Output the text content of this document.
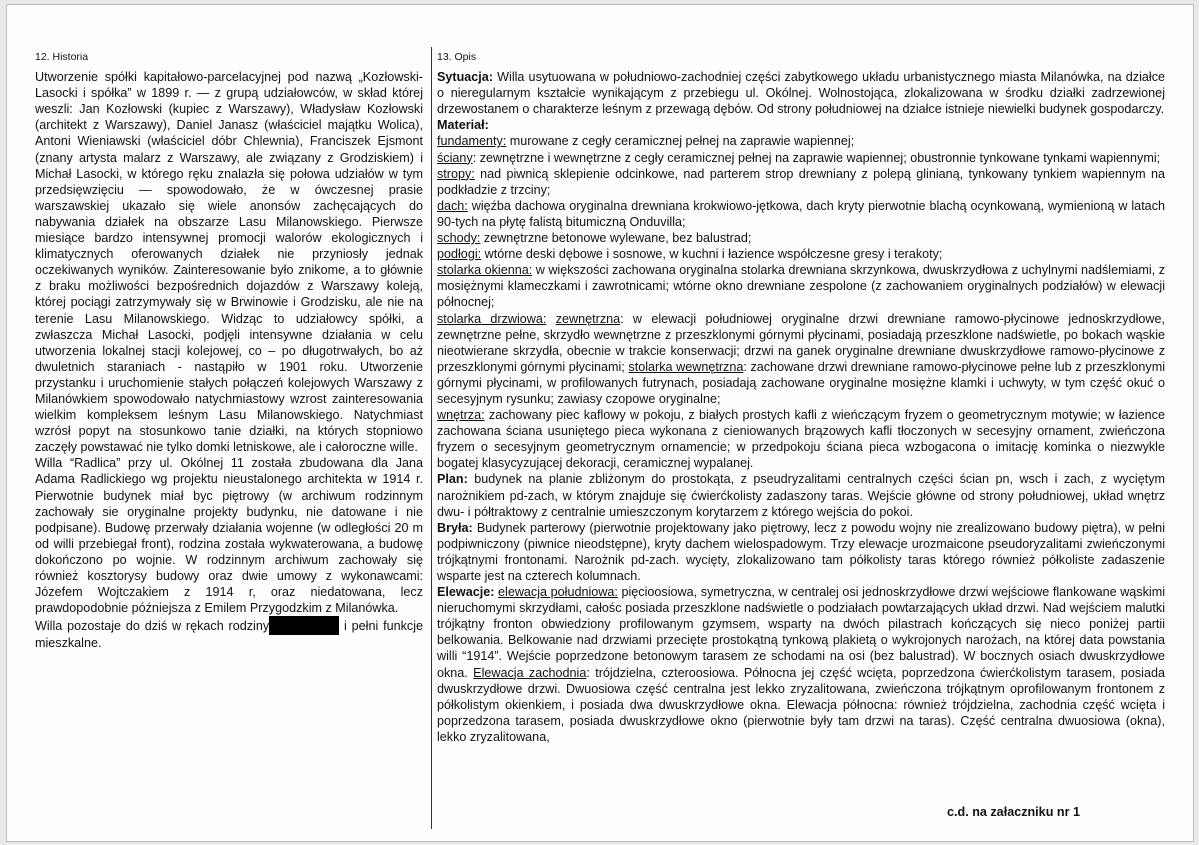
12. Historia

Utworzenie spółki kapitałowo-parcelacyjnej pod nazwą „Kozłowski-Lasocki i spółka” w 1899 r. — z grupą udziałowców, w skład której weszli: Jan Kozłowski (kupiec z Warszawy), Władysław Kozłowski (architekt z Warszawy), Daniel Janasz (właściciel majątku Wolica), Antoni Wieniawski (właściciel dóbr Chlewnia), Franciszek Ejsmont (znany artysta malarz z Warszawy, ale związany z Grodziskiem) i Michał Lasocki, w którego ręku znalazła się połowa udziałów w tym przedsięwzięciu — spowodowało, że w ówczesnej prasie warszawskiej ukazało się wiele anonsów zachęcających do nabywania działek na obszarze Lasu Milanowskiego. Pierwsze miesiące bardzo intensywnej promocji walorów ekologicznych i klimatycznych oferowanych działek nie przyniosły jednak oczekiwanych wyników. Zainteresowanie było znikome, a to głównie z braku możliwości bezpośrednich dojazdów z Warszawy koleją, której pociągi zatrzymywały się w Brwinowie i Grodzisku, ale nie na terenie Lasu Milanowskiego. Widząc to udziałowcy spółki, a zwłaszcza Michał Lasocki, podjęli intensywne działania w celu utworzenia lokalnej stacji kolejowej, co – po długotrwałych, bo aż dwuletnich staraniach - nastąpiło w 1901 roku. Utworzenie przystanku i uruchomienie stałych połączeń kolejowych Warszawy z Milanówkiem spowodowało natychmiastowy wzrost zainteresowania wielkim kompleksem leśnym Lasu Milanowskiego. Natychmiast wzrósł popyt na stosunkowo tanie działki, na których stopniowo zaczęły powstawać nie tylko domki letniskowe, ale i całoroczne wille.

Willa “Radlica” przy ul. Okólnej 11 została zbudowana dla Jana Adama Radlickiego wg projektu nieustalonego architekta w 1914 r. Pierwotnie budynek miał byc piętrowy (w archiwum rodzinnym zachowały sie oryginalne projekty budynku, nie datowane i nie podpisane). Budowę przerwały działania wojenne (w odległości 20 m od willi przebiegał front), rodzina została wykwaterowana, a budowę dokończono po wojnie. W rodzinnym archiwum zachowały się również kosztorysy budowy oraz dwie umowy z wykonawcami: Józefem Wojtczakiem z 1914 r, oraz niedatowana, lecz prawdopodobnie późniejsza z Emilem Przygodzkim z Milanówka.

Willa pozostaje do dziś w rękach rodziny	i pełni funkcje mieszkalne.

13. Opis

Sytuacja: Willa usytuowana w południowo-zachodniej części zabytkowego układu urbanistycznego miasta Milanówka, na działce o nieregularnym kształcie wynikającym z przebiegu ul. Okólnej. Wolnostojąca, zlokalizowana w środku działki zadrzewionej drzewostanem o charakterze leśnym z przewagą dębów. Od strony południowej na działce istnieje niewielki budynek gospodarczy.

Materiał:

fundamenty: murowane z cegły ceramicznej pełnej na zaprawie wapiennej;

ściany: zewnętrzne i wewnętrzne z cegły ceramicznej pełnej na zaprawie wapiennej; obustronnie tynkowane tynkami wapiennymi;

stropy: nad piwnicą sklepienie odcinkowe, nad parterem strop drewniany z polepą glinianą, tynkowany tynkiem wapiennym na podkładzie z trzciny;

dach: więźba dachowa oryginalna drewniana krokwiowo-jętkowa, dach kryty pierwotnie blachą ocynkowaną, wymienioną w latach 90-tych na płytę falistą bitumiczną Onduvilla;

schody: zewnętrzne betonowe wylewane, bez balustrad;

podłogi: wtórne deski dębowe i sosnowe, w kuchni i łazience współczesne gresy i terakoty;

stolarka okienna: w większości zachowana oryginalna stolarka drewniana skrzynkowa, dwuskrzydłowa z uchylnymi nadślemiami, z mosiężnymi klameczkami i zawrotnicami; wtórne okno drewniane zespolone (z zachowaniem oryginalnych podziałów) w elewacji północnej;

stolarka drzwiowa: zewnętrzna: w elewacji południowej oryginalne drzwi drewniane ramowo-płycinowe jednoskrzydłowe, zewnętrzne pełne, skrzydło wewnętrzne z przeszklonymi górnymi płycinami, posiadają przeszklone nadświetle, po bokach wąskie nieotwierane skrzydła, obecnie w trakcie konserwacji; drzwi na ganek oryginalne drewniane dwuskrzydłowe ramowo-płycinowe z przeszklonymi górnymi płycinami; stolarka wewnętrzna: zachowane drzwi drewniane ramowo-płycinowe pełne lub z przeszklonymi górnymi płycinami, w profilowanych futrynach, posiadają zachowane oryginalne mosiężne klamki i uchwyty, w tym część okuć o secesyjnym rysunku; zawiasy czopowe oryginalne;

wnętrza: zachowany piec kaflowy w pokoju, z białych prostych kafli z wieńczącym fryzem o geometrycznym motywie; w łazience zachowana ściana usuniętego pieca wykonana z cieniowanych brązowych kafli tłoczonych w secesyjny ornament, zwieńczona fryzem o secesyjnym geometrycznym ornamencie; w przedpokoju ściana pieca wzbogacona o imitację kominka o niezwykle bogatej klasycyzującej dekoracji, ceramicznej wypalanej.

Plan: budynek na planie zbliżonym do prostokąta, z pseudryzalitami centralnych części ścian pn, wsch i zach, z wyciętym narożnikiem pd-zach, w którym znajduje się ćwierćkolisty zadaszony taras. Wejście główne od strony południowej, układ wnętrz dwu- i półtraktowy z centralnie umieszczonym korytarzem z którego wejścia do pokoi.

Bryła: Budynek parterowy (pierwotnie projektowany jako piętrowy, lecz z powodu wojny nie zrealizowano budowy piętra), w pełni podpiwniczony (piwnice nieodstępne), kryty dachem wielospadowym. Trzy elewacje urozmaicone pseudoryzalitami zwieńczonymi trójkątnymi frontonami. Narożnik pd-zach. wycięty, zlokalizowano tam półkolisty taras którego również półkoliste zadaszenie wsparte jest na czterech kolumnach.

Elewacje: elewacja południowa: pięcioosiowa, symetryczna, w centralej osi jednoskrzydłowe drzwi wejściowe flankowane wąskimi nieruchomymi skrzydłami, całośc posiada przeszklone nadświetle o podziałach powtarzających układ drzwi. Nad wejściem malutki trójkątny fronton obwiedziony profilowanym gzymsem, wsparty na dwóch pilastrach kończących się nieco poniżej partii belkowania. Belkowanie nad drzwiami przecięte prostokątną tynkową plakietą o wykrojonych narożach, na której data powstania willi “1914”. Wejście poprzedzone betonowym tarasem ze schodami na osi (bez balustrad). W bocznych osiach dwuskrzydłowe okna. Elewacja zachodnia: trójdzielna, czteroosiowa. Północna jej część wcięta, poprzedzona ćwierćkolistym tarasem, posiada dwuskrzydłowe drzwi. Dwuosiowa część centralna jest lekko zryzalitowana, zwieńczona trójkątnym oprofilowanym frontonem z półkolistym okienkiem, i posiada dwa dwuskrzydłowe okna. Elewacja północna: również trójdzielna, zachodnia część wcięta i poprzedzona tarasem, posiada dwuskrzydłowe okno (pierwotnie były tam drzwi na taras). Część centralna dwuosiowa (okna), lekko zryzalitowana,

c.d. na załaczniku nr 1
